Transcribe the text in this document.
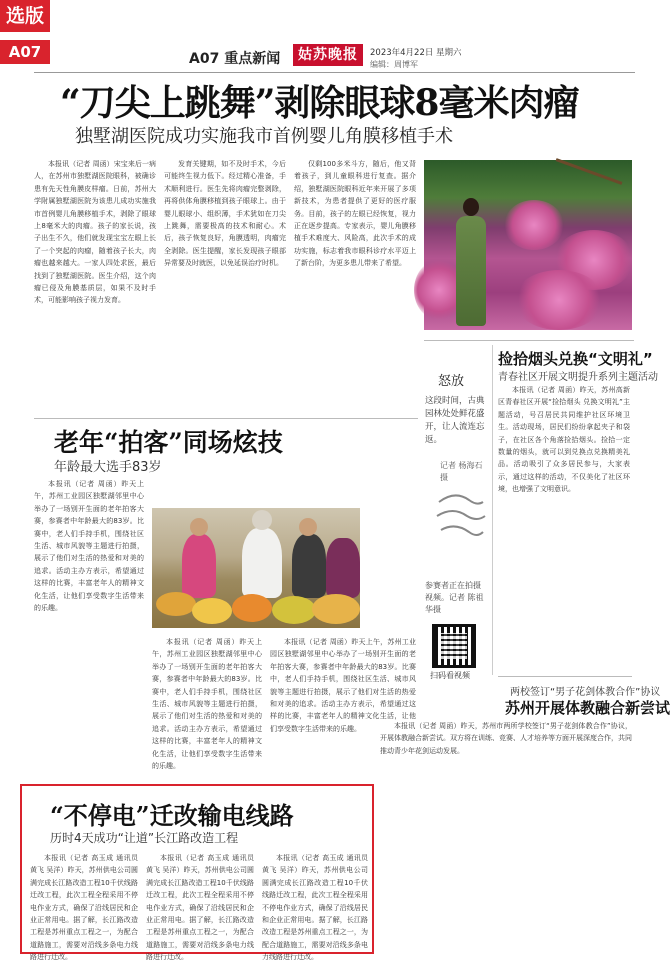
选版
A07	A07 重点新闻	姑苏晚报	2023年4月22日 星期六
编辑：周博军
“刀尖上跳舞”剥除眼球8毫米肉瘤
独墅湖医院成功实施我市首例婴儿角膜移植手术

本报讯（记者 周函）宋宝来后一病人，在苏州市独墅湖医院眼科，被确诊患有先天性角膜皮样瘤。日前，苏州大学附属独墅湖医院为该患儿成功实施我市首例婴儿角膜移植手术，剥除了眼球上8毫米大的肉瘤。孩子的家长说，孩子出生不久，他们就发现宝宝左眼上长了一个突起的肉瘤，随着孩子长大，肉瘤也越来越大。一家人四处求医，最后找到了独墅湖医院。医生介绍，这个肉瘤已侵及角膜基质层，如果不及时手术，可能影响孩子视力发育。

发育关键期，如不及时手术，今后可能终生视力低下。经过精心准备，手术顺利进行。医生先将肉瘤完整剥除，再将供体角膜移植到孩子眼球上。由于婴儿眼球小、组织薄，手术犹如在刀尖上跳舞，需要极高的技术和耐心。术后，孩子恢复良好，角膜透明，肉瘤完全剥除。医生提醒，家长发现孩子眼部异常要及时就医，以免延误治疗时机。

仅剩100多米斗方，随后，他又背着孩子，到儿童眼科进行复查。据介绍，独墅湖医院眼科近年来开展了多项新技术，为患者提供了更好的医疗服务。目前，孩子的左眼已经恢复，视力正在逐步提高。专家表示，婴儿角膜移植手术难度大、风险高，此次手术的成功实施，标志着我市眼科诊疗水平迈上了新台阶，为更多患儿带来了希望。

怒放
这段时间，古典园林处处鲜花盛开，让人流连忘返。
记者 杨海石摄
参赛者正在拍摄视频。记者 陈祖华摄
扫码看视频
捡拾烟头兑换“文明礼”
青春社区开展文明提升系列主题活动

本报讯（记者 周函）昨天，苏州高新区青春社区开展“捡拾烟头 兑换文明礼”主题活动，号召居民共同维护社区环境卫生。活动现场，居民们纷纷拿起夹子和袋子，在社区各个角落捡拾烟头。捡拾一定数量的烟头，就可以到兑换点兑换精美礼品。活动吸引了众多居民参与，大家表示，通过这样的活动，不仅美化了社区环境，也增强了文明意识。

两校签订“男子花剑体教合作”协议
苏州开展体教融合新尝试

本报讯（记者 周函）昨天，苏州市两所学校签订“男子花剑体教合作”协议，开展体教融合新尝试。双方将在训练、竞赛、人才培养等方面开展深度合作，共同推动青少年花剑运动发展。

老年“拍客”同场炫技
年龄最大选手83岁

本报讯（记者 周函）昨天上午，苏州工业园区独墅湖邻里中心举办了一场别开生面的老年拍客大赛，参赛者中年龄最大的83岁。比赛中，老人们手持手机，围绕社区生活、城市风貌等主题进行拍摄，展示了他们对生活的热爱和对美的追求。活动主办方表示，希望通过这样的比赛，丰富老年人的精神文化生活，让他们享受数字生活带来的乐趣。

本报讯（记者 周函）昨天上午，苏州工业园区独墅湖邻里中心举办了一场别开生面的老年拍客大赛，参赛者中年龄最大的83岁。比赛中，老人们手持手机，围绕社区生活、城市风貌等主题进行拍摄，展示了他们对生活的热爱和对美的追求。活动主办方表示，希望通过这样的比赛，丰富老年人的精神文化生活，让他们享受数字生活带来的乐趣。

本报讯（记者 周函）昨天上午，苏州工业园区独墅湖邻里中心举办了一场别开生面的老年拍客大赛，参赛者中年龄最大的83岁。比赛中，老人们手持手机，围绕社区生活、城市风貌等主题进行拍摄，展示了他们对生活的热爱和对美的追求。活动主办方表示，希望通过这样的比赛，丰富老年人的精神文化生活，让他们享受数字生活带来的乐趣。

“不停电”迁改输电线路
历时4天成功“让道”长江路改造工程

本报讯（记者 高玉成 通讯员 黄飞 吴洋）昨天，苏州供电公司圆满完成长江路改造工程10千伏线路迁改工程，此次工程全程采用不停电作业方式，确保了沿线居民和企业正常用电。据了解，长江路改造工程是苏州重点工程之一，为配合道路施工，需要对沿线多条电力线路进行迁改。

本报讯（记者 高玉成 通讯员 黄飞 吴洋）昨天，苏州供电公司圆满完成长江路改造工程10千伏线路迁改工程，此次工程全程采用不停电作业方式，确保了沿线居民和企业正常用电。据了解，长江路改造工程是苏州重点工程之一，为配合道路施工，需要对沿线多条电力线路进行迁改。

本报讯（记者 高玉成 通讯员 黄飞 吴洋）昨天，苏州供电公司圆满完成长江路改造工程10千伏线路迁改工程，此次工程全程采用不停电作业方式，确保了沿线居民和企业正常用电。据了解，长江路改造工程是苏州重点工程之一，为配合道路施工，需要对沿线多条电力线路进行迁改。
